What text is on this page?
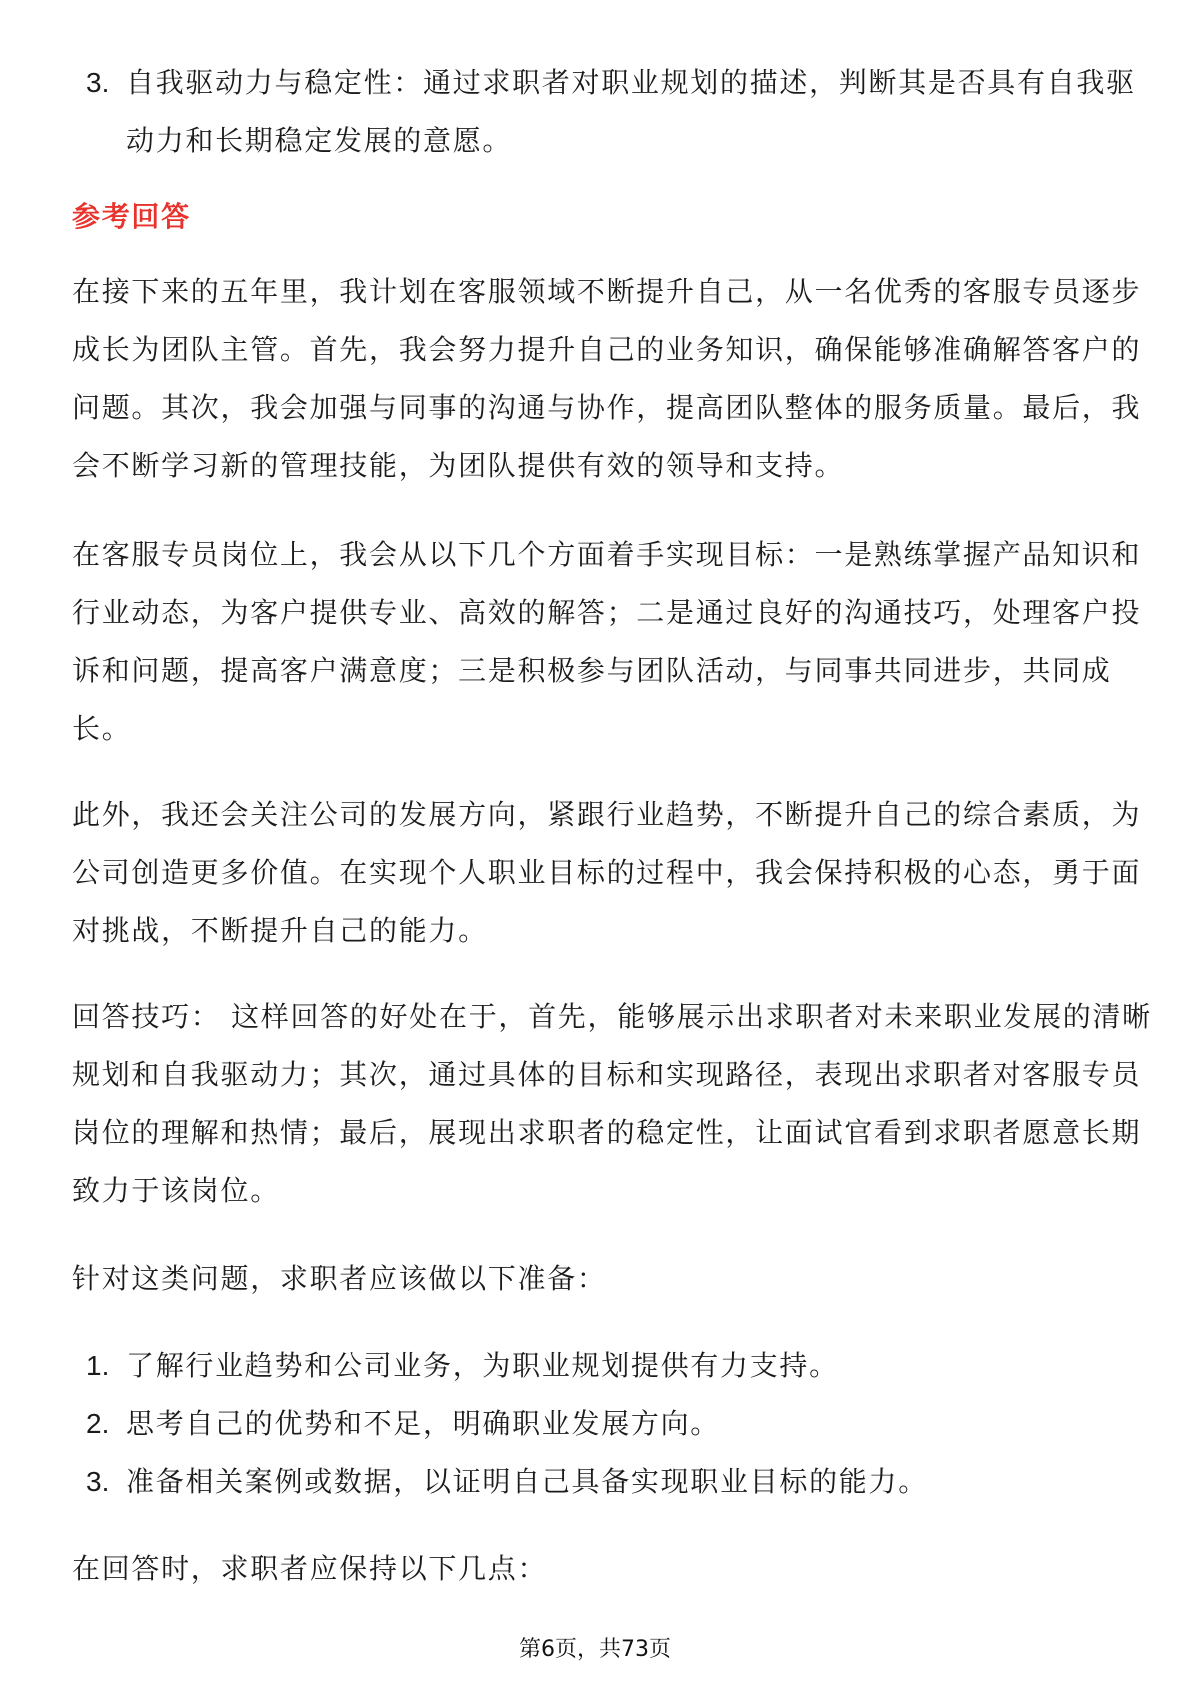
3. 自我驱动力与稳定性：通过求职者对职业规划的描述，判断其是否具有自我驱
动力和长期稳定发展的意愿。
参考回答
在接下来的五年里，我计划在客服领域不断提升自己，从一名优秀的客服专员逐步
成长为团队主管。首先，我会努力提升自己的业务知识，确保能够准确解答客户的
问题。其次，我会加强与同事的沟通与协作，提高团队整体的服务质量。最后，我
会不断学习新的管理技能，为团队提供有效的领导和支持。
在客服专员岗位上，我会从以下几个方面着手实现目标：一是熟练掌握产品知识和
行业动态，为客户提供专业、高效的解答；二是通过良好的沟通技巧，处理客户投
诉和问题，提高客户满意度；三是积极参与团队活动，与同事共同进步，共同成
长。
此外，我还会关注公司的发展方向，紧跟行业趋势，不断提升自己的综合素质，为
公司创造更多价值。在实现个人职业目标的过程中，我会保持积极的心态，勇于面
对挑战，不断提升自己的能力。
回答技巧： 这样回答的好处在于，首先，能够展示出求职者对未来职业发展的清晰
规划和自我驱动力；其次，通过具体的目标和实现路径，表现出求职者对客服专员
岗位的理解和热情；最后，展现出求职者的稳定性，让面试官看到求职者愿意长期
致力于该岗位。
针对这类问题，求职者应该做以下准备：
1. 了解行业趋势和公司业务，为职业规划提供有力支持。
2. 思考自己的优势和不足，明确职业发展方向。
3. 准备相关案例或数据，以证明自己具备实现职业目标的能力。
在回答时，求职者应保持以下几点：
第6页，共73页
